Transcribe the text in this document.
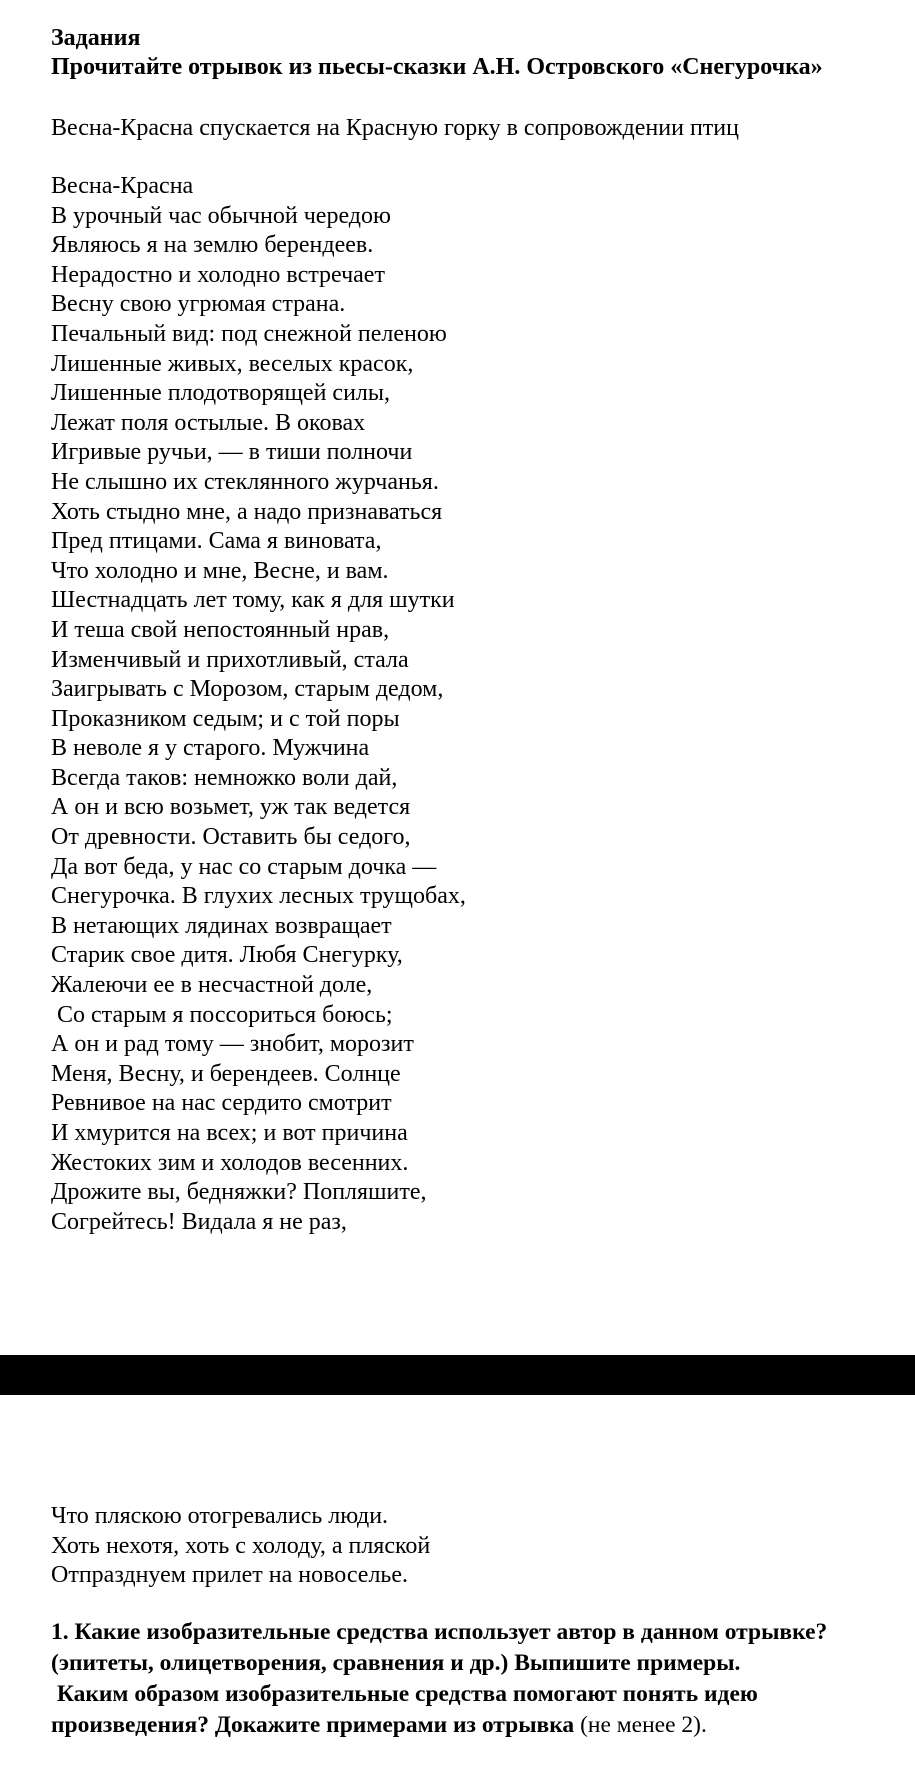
Задания
Прочитайте отрывок из пьесы-сказки А.Н. Островского «Снегурочка»
Весна-Красна спускается на Красную горку в сопровождении птиц
Весна-Красна
В урочный час обычной чередою
Являюсь я на землю берендеев.
Нерадостно и холодно встречает
Весну свою угрюмая страна.
Печальный вид: под снежной пеленою
Лишенные живых, веселых красок,
Лишенные плодотворящей силы,
Лежат поля остылые. В оковах
Игривые ручьи, — в тиши полночи
Не слышно их стеклянного журчанья.
Хоть стыдно мне, а надо признаваться
Пред птицами. Сама я виновата,
Что холодно и мне, Весне, и вам.
Шестнадцать лет тому, как я для шутки
И теша свой непостоянный нрав,
Изменчивый и прихотливый, стала
Заигрывать с Морозом, старым дедом,
Проказником седым; и с той поры
В неволе я у старого. Мужчина
Всегда таков: немножко воли дай,
А он и всю возьмет, уж так ведется
От древности. Оставить бы седого,
Да вот беда, у нас со старым дочка —
Снегурочка. В глухих лесных трущобах,
В нетающих лядинах возвращает
Старик свое дитя. Любя Снегурку,
Жалеючи ее в несчастной доле,
Со старым я поссориться боюсь;
А он и рад тому — знобит, морозит
Меня, Весну, и берендеев. Солнце
Ревнивое на нас сердито смотрит
И хмурится на всех; и вот причина
Жестоких зим и холодов весенних.
Дрожите вы, бедняжки? Попляшите,
Согрейтесь! Видала я не раз,
Что пляскою отогревались люди.
Хоть нехотя, хоть с холоду, а пляской
Отпразднуем прилет на новоселье.
1. Какие изобразительные средства использует автор в данном отрывке?
(эпитеты, олицетворения, сравнения и др.) Выпишите примеры.
Каким образом изобразительные средства помогают понять идею
произведения? Докажите примерами из отрывка (не менее 2).
